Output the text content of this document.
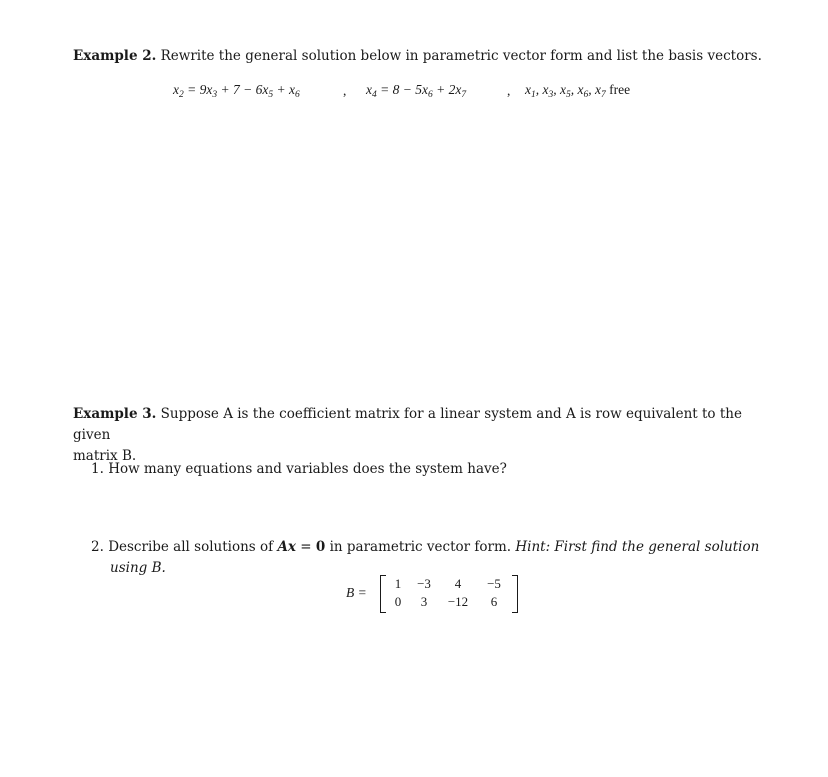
Example 2. Rewrite the general solution below in parametric vector form and list the basis vectors.
$x_2 = 9x_3 + 7 - 6x_5 + x_6$	, $x_4 = 8 - 5x_6 + 2x_7$	, $x_1$, $x_3$, $x_5$, $x_6$, $x_7$ free
Example 3. Suppose A is the coefficient matrix for a linear system and A is row equivalent to the given
matrix B.
1. How many equations and variables does the system have?
2. Describe all solutions of Ax = 0 in parametric vector form. Hint: First find the general solution
using B.
B =
1	−3	4	−5
0	3	−12	6
